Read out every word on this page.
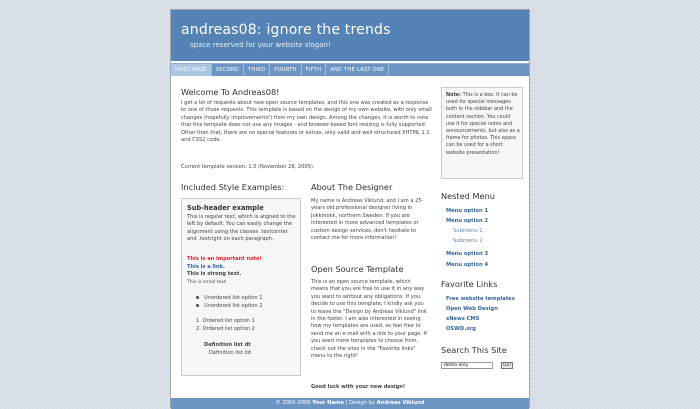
andreas08: ignore the trends

space reserved for your website slogan!

FIRST PAGE	SECOND	THIRD	FOURTH	FIFTH	AND THE LAST ONE
Welcome To Andreas08!

I get a lot of requests about new open source templates, and this one was created as a response to one of those requests. This template is based on the design of my own website, with only small changes (hopefully improvements!) from my own design. Among the changes, it is worth to note that this template does not use any images - and browser-based font resizing is fully supported. Other than that, there are no special features or extras, only valid and well-structured XHTML 1.1 and CSS2 code.

Current template version: 1.0 (November 28, 2005).

Included Style Examples:
Sub-header example

This is regular text, which is aligned to the left by default. You can easily change the alignment using the classes .textcenter and .textright on each paragraph.

This is an important note!

This is a link.

This is strong text.

This is small text.

Unordered list option 1
Unordered list option 2
1. Ordered list option 1
2. Ordered list option 2
Definition list dt
Definition list dd
About The Designer

My name is Andreas Viklund, and I am a 25-years old professional designer living in Jokkmokk, northern Sweden. If you are interested in more advanced templates or custom design services, don't hesitate to contact me for more information!

Open Source Template

This is an open source template, which means that you are free to use it in any way you want to without any obligations. If you decide to use this template, I kindly ask you to leave the "Design by Andreas Viklund" link in the footer. I am also interested in seeing how my templates are used, so feel free to send me an e-mail with a link to your page. If you want more templates to choose from, check out the sites in the "Favorite links" menu to the right!

Good luck with your new design!

Note: This is a box. It can be used for special messages both in the sidebar and the content section. You could use it for special notes and announcements, but also as a frame for photos. This space can be used for a short website presentation!

Nested Menu
Menu option 1
Menu option 2
Submenu 1
Submenu 2
Menu option 3
Menu option 4
Favorite Links
Free website templates
Open Web Design
sNews CMS
OSWD.org
Search This Site
demo only
Go!
© 2005-2006 Your Name | Design by Andreas Viklund
